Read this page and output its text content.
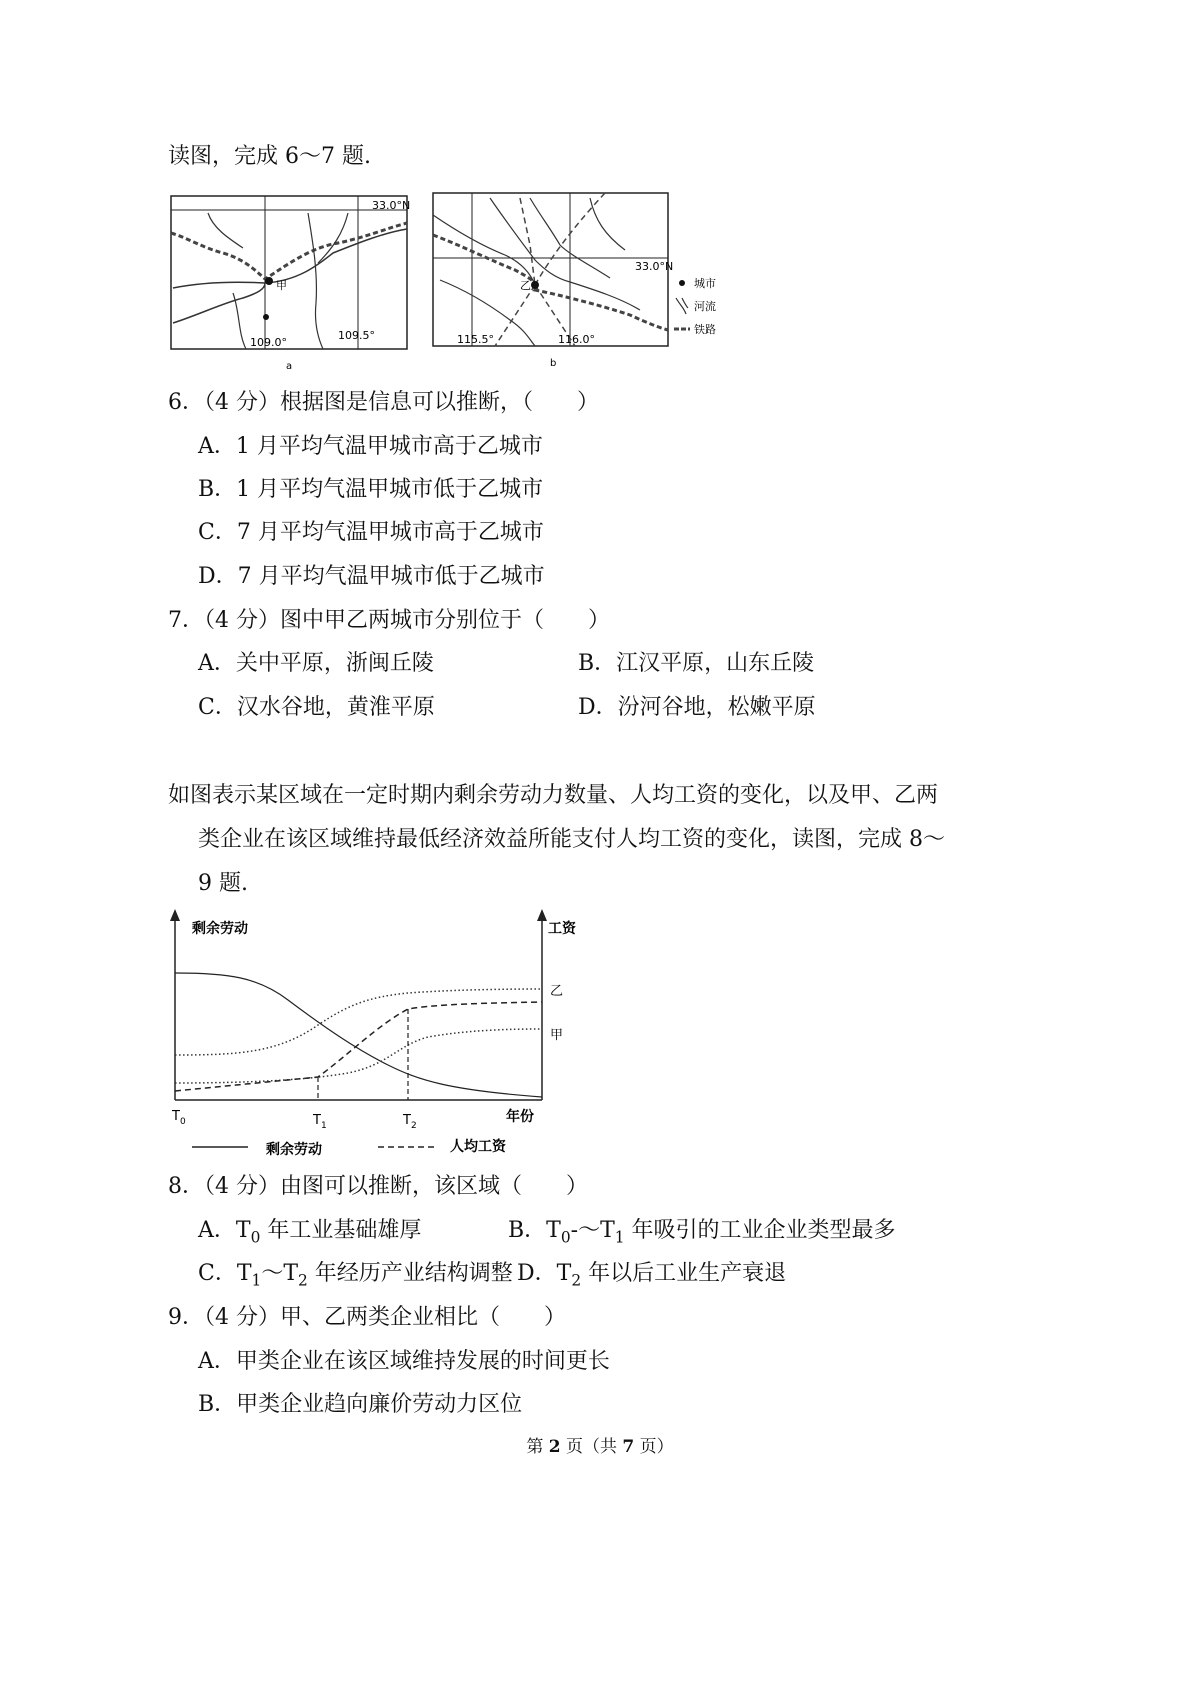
读图，完成 6～7 题.
甲
33.0°N
109.0°
109.5°
a
乙
33.0°N
115.5°	116.0°
b
城市
河流
铁路
6．（4 分）根据图是信息可以推断，（　　）
A．1 月平均气温甲城市高于乙城市
B．1 月平均气温甲城市低于乙城市
C．7 月平均气温甲城市高于乙城市
D．7 月平均气温甲城市低于乙城市
7．（4 分）图中甲乙两城市分别位于（　　）
A．关中平原，浙闽丘陵	B．江汉平原，山东丘陵
C．汉水谷地，黄淮平原	D．汾河谷地，松嫩平原
如图表示某区域在一定时期内剩余劳动力数量、人均工资的变化，以及甲、乙两
类企业在该区域维持最低经济效益所能支付人均工资的变化，读图，完成 8～
9 题.
剩余劳动	工资
乙
甲
$T_0$	$T_1$	$T_2$
年份
剩余劳动	人均工资
8．（4 分）由图可以推断，该区域（　　）
A．$T_0$ 年工业基础雄厚	B．$T_0-\sim T_1$ 年吸引的工业企业类型最多
C．$T_1\sim T_2$ 年经历产业结构调整 D．$T_2$ 年以后工业生产衰退
9．（4 分）甲、乙两类企业相比（　　）
A．甲类企业在该区域维持发展的时间更长
B．甲类企业趋向廉价劳动力区位
第 2 页（共 7 页）
